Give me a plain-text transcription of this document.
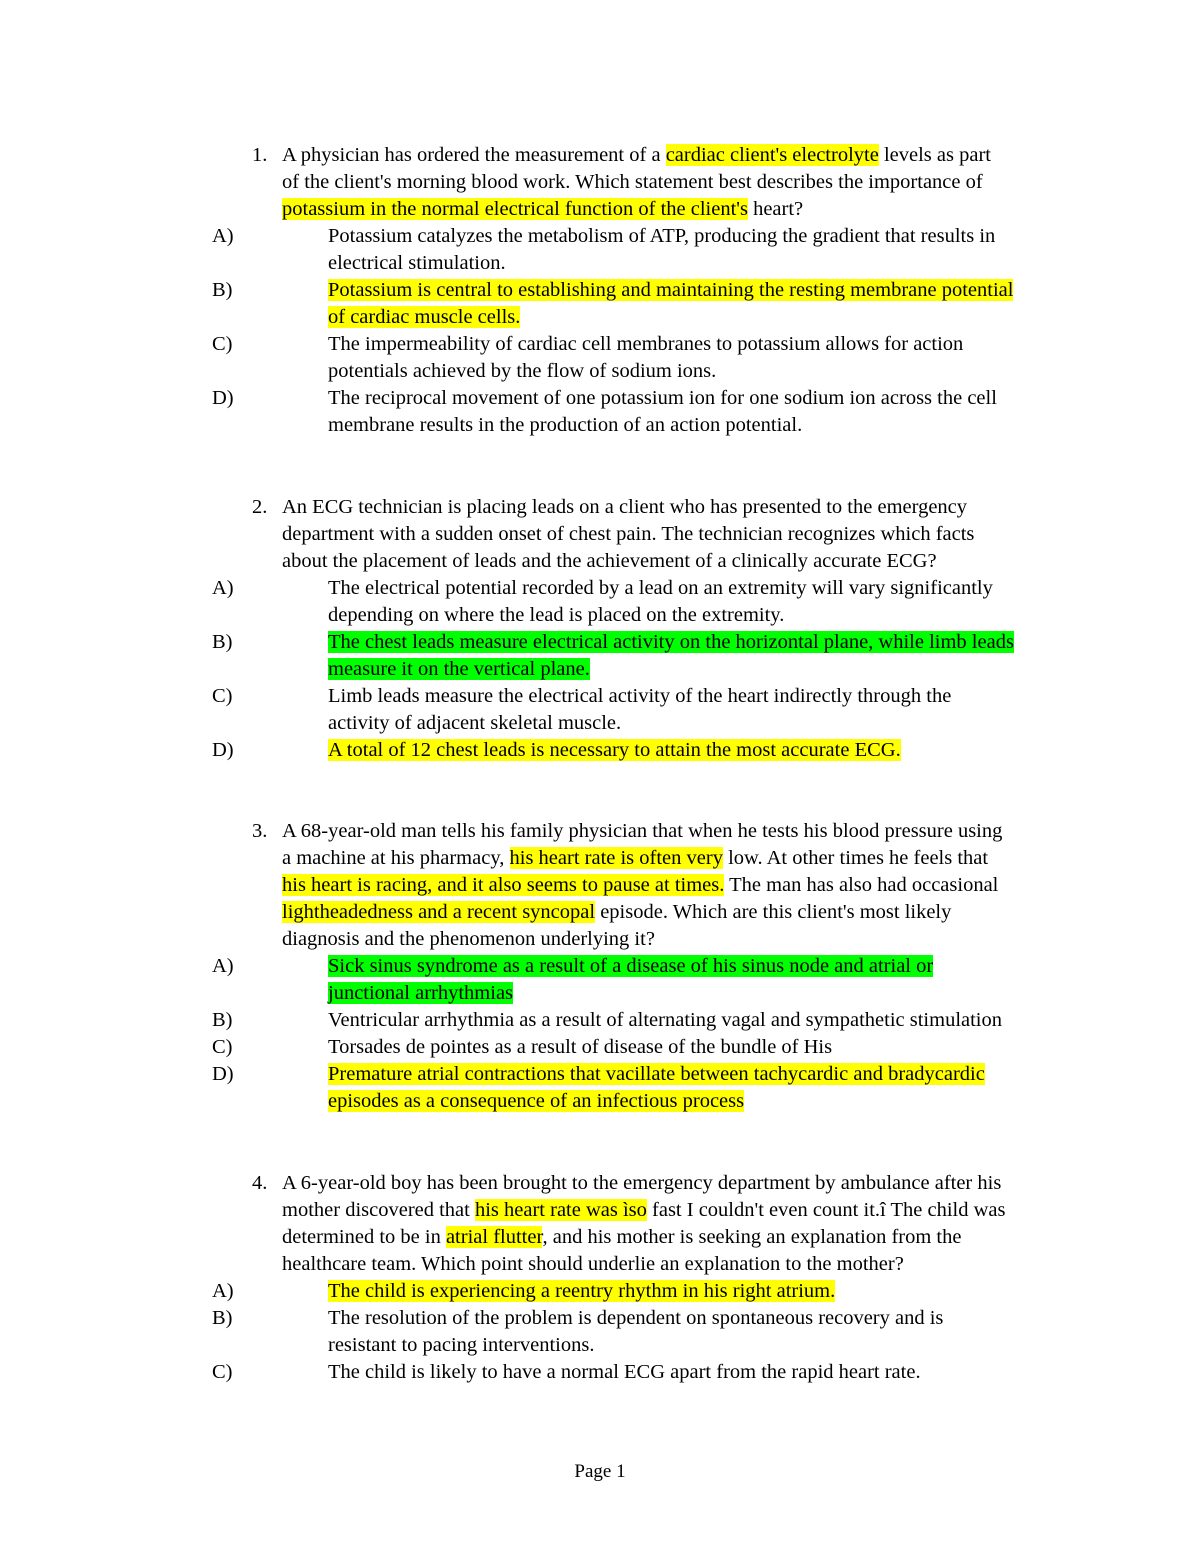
1. A physician has ordered the measurement of a cardiac client's electrolyte levels as part
of the client's morning blood work. Which statement best describes the importance of
potassium in the normal electrical function of the client's heart?
A)	Potassium catalyzes the metabolism of ATP, producing the gradient that results in
electrical stimulation.
B)	Potassium is central to establishing and maintaining the resting membrane potential
of cardiac muscle cells.
C)	The impermeability of cardiac cell membranes to potassium allows for action
potentials achieved by the flow of sodium ions.
D)	The reciprocal movement of one potassium ion for one sodium ion across the cell
membrane results in the production of an action potential.
2. An ECG technician is placing leads on a client who has presented to the emergency
department with a sudden onset of chest pain. The technician recognizes which facts
about the placement of leads and the achievement of a clinically accurate ECG?
A)	The electrical potential recorded by a lead on an extremity will vary significantly
depending on where the lead is placed on the extremity.
B)	The chest leads measure electrical activity on the horizontal plane, while limb leads
measure it on the vertical plane.
C)	Limb leads measure the electrical activity of the heart indirectly through the
activity of adjacent skeletal muscle.
D)	A total of 12 chest leads is necessary to attain the most accurate ECG.
3. A 68-year-old man tells his family physician that when he tests his blood pressure using
a machine at his pharmacy, his heart rate is often very low. At other times he feels that
his heart is racing, and it also seems to pause at times. The man has also had occasional
lightheadedness and a recent syncopal episode. Which are this client's most likely
diagnosis and the phenomenon underlying it?
A)	Sick sinus syndrome as a result of a disease of his sinus node and atrial or
junctional arrhythmias
B)	Ventricular arrhythmia as a result of alternating vagal and sympathetic stimulation
C)	Torsades de pointes as a result of disease of the bundle of His
D)	Premature atrial contractions that vacillate between tachycardic and bradycardic
episodes as a consequence of an infectious process
4. A 6-year-old boy has been brought to the emergency department by ambulance after his
mother discovered that his heart rate was ìso fast I couldn't even count it.î The child was
determined to be in atrial flutter, and his mother is seeking an explanation from the
healthcare team. Which point should underlie an explanation to the mother?
A)	The child is experiencing a reentry rhythm in his right atrium.
B)	The resolution of the problem is dependent on spontaneous recovery and is
resistant to pacing interventions.
C)	The child is likely to have a normal ECG apart from the rapid heart rate.
Page 1
